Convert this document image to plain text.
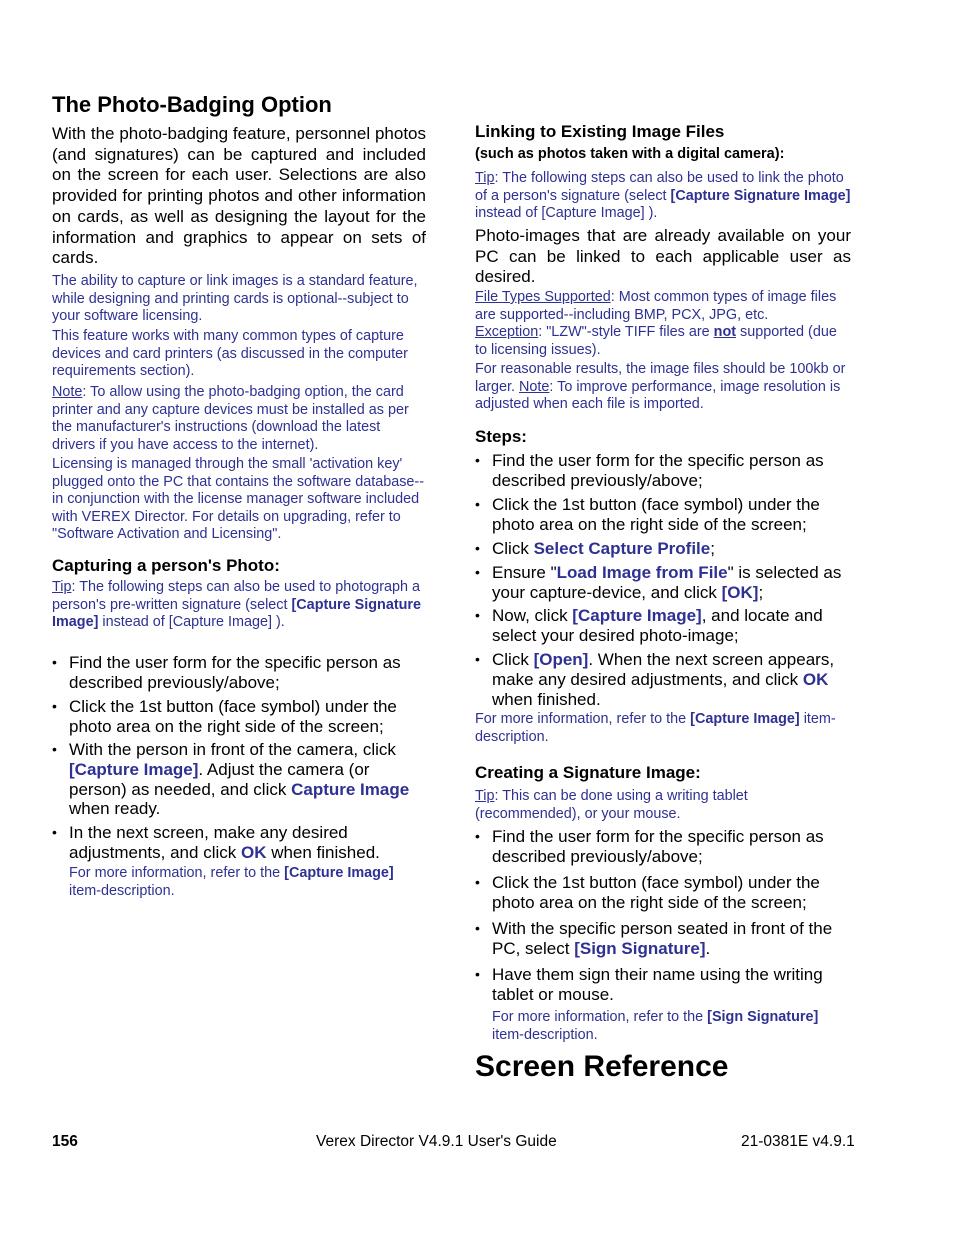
The Photo-Badging Option
With the photo-badging feature, personnel photos (and signatures) can be captured and included on the screen for each user. Selections are also provided for printing photos and other information on cards, as well as designing the layout for the information and graphics to appear on sets of cards.
The ability to capture or link images is a standard feature, while designing and printing cards is optional--subject to your software licensing.
This feature works with many common types of capture devices and card printers (as discussed in the computer requirements section).
Note: To allow using the photo-badging option, the card printer and any capture devices must be installed as per the manufacturer's instructions (download the latest drivers if you have access to the internet).
Licensing is managed through the small 'activation key' plugged onto the PC that contains the software database--in conjunction with the license manager software included with VEREX Director. For details on upgrading, refer to "Software Activation and Licensing".
Capturing a person's Photo:
Tip: The following steps can also be used to photograph a person's pre-written signature (select [Capture Signature Image] instead of [Capture Image] ).
• Find the user form for the specific person as described previously/above;
• Click the 1st button (face symbol) under the photo area on the right side of the screen;
• With the person in front of the camera, click [Capture Image]. Adjust the camera (or person) as needed, and click Capture Image when ready.
• In the next screen, make any desired adjustments, and click OK when finished.
For more information, refer to the [Capture Image] item-description.
Linking to Existing Image Files
(such as photos taken with a digital camera):
Tip: The following steps can also be used to link the photo of a person's signature (select [Capture Signature Image] instead of [Capture Image] ).
Photo-images that are already available on your PC can be linked to each applicable user as desired.
File Types Supported: Most common types of image files are supported--including BMP, PCX, JPG, etc.
Exception: "LZW"-style TIFF files are not supported (due to licensing issues).
For reasonable results, the image files should be 100kb or larger. Note: To improve performance, image resolution is adjusted when each file is imported.
Steps:
• Find the user form for the specific person as described previously/above;
• Click the 1st button (face symbol) under the photo area on the right side of the screen;
• Click Select Capture Profile;
• Ensure "Load Image from File" is selected as your capture-device, and click [OK];
• Now, click [Capture Image], and locate and select your desired photo-image;
• Click [Open]. When the next screen appears, make any desired adjustments, and click OK when finished.
For more information, refer to the [Capture Image] item-description.
Creating a Signature Image:
Tip: This can be done using a writing tablet (recommended), or your mouse.
• Find the user form for the specific person as described previously/above;
• Click the 1st button (face symbol) under the photo area on the right side of the screen;
• With the specific person seated in front of the PC, select [Sign Signature].
• Have them sign their name using the writing tablet or mouse.
For more information, refer to the [Sign Signature] item-description.
Screen Reference
156	Verex Director V4.9.1 User's Guide	21-0381E v4.9.1
